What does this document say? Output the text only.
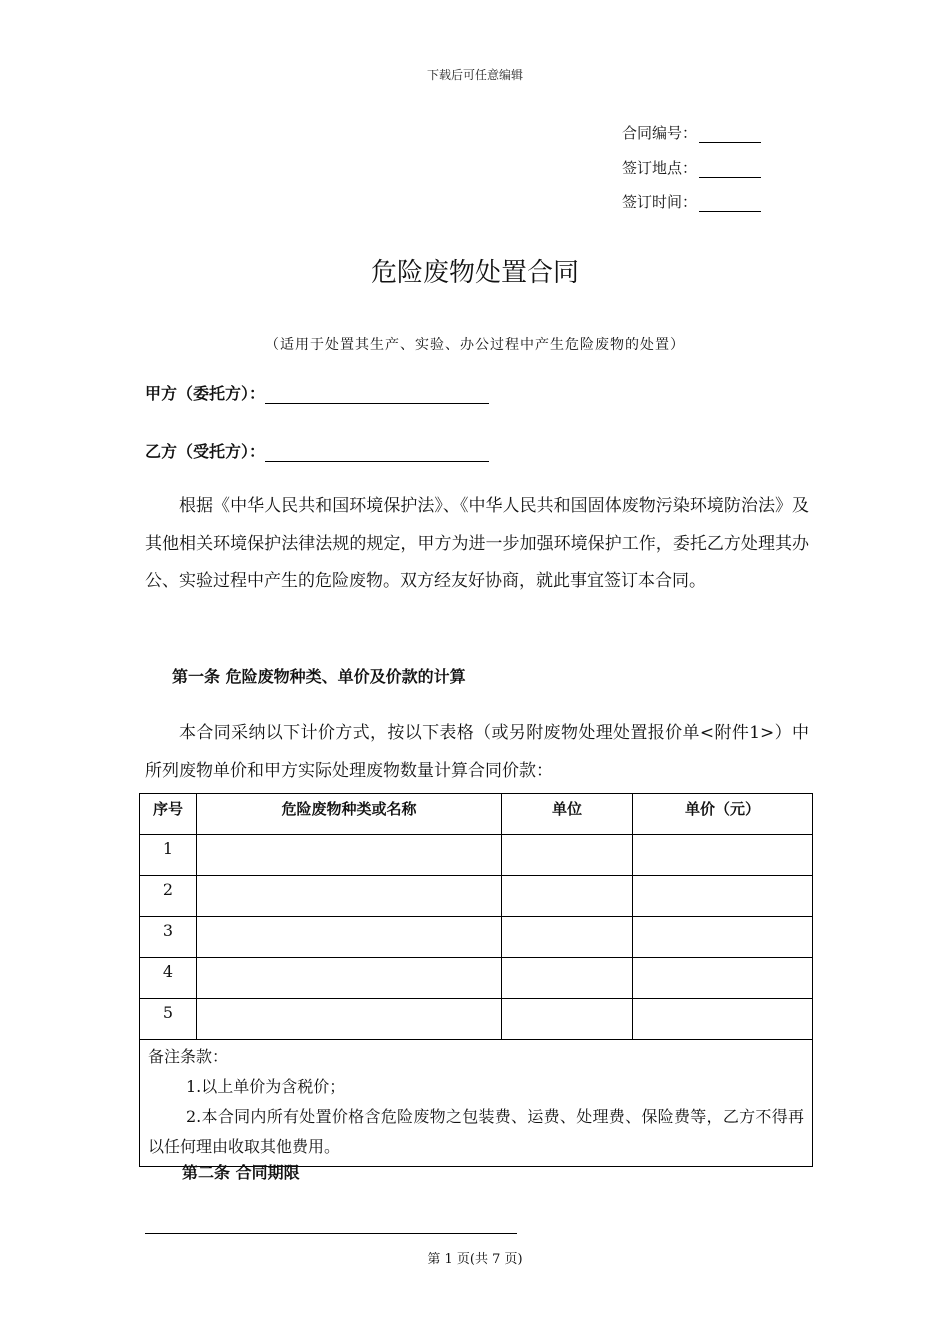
下载后可任意编辑
合同编号：
签订地点：
签订时间：
危险废物处置合同
（适用于处置其生产、实验、办公过程中产生危险废物的处置）
甲方（委托方）：
乙方（受托方）：
根据《中华人民共和国环境保护法》、《中华人民共和国固体废物污染环境防治法》及其他相关环境保护法律法规的规定，甲方为进一步加强环境保护工作，委托乙方处理其办公、实验过程中产生的危险废物。双方经友好协商，就此事宜签订本合同。
第一条 危险废物种类、单价及价款的计算
本合同采纳以下计价方式，按以下表格（或另附废物处理处置报价单<附件1>）中所列废物单价和甲方实际处理废物数量计算合同价款：
序号	危险废物种类或名称	单位	单价（元）
1			
2			
3			
4			
5			

备注条款：
1.以上单价为含税价；
2.本合同内所有处置价格含危险废物之包装费、运费、处理费、保险费等，乙方不得再以任何理由收取其他费用。			
第二条 合同期限
第 1 页(共 7 页)
